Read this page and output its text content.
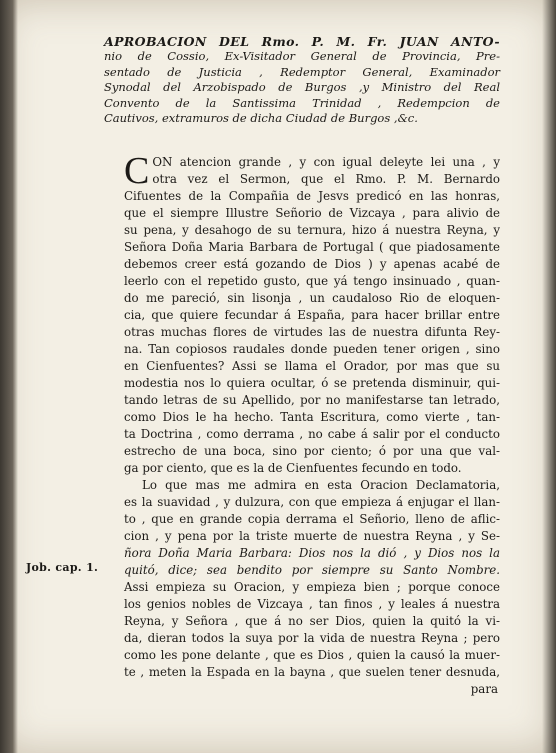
APROBACION DEL Rmo. P. M. Fr. JUAN ANTO-
nio de Cossio, Ex-Visitador General de Provincia, Pre-
sentado de Justicia , Redemptor General, Examinador
Synodal del Arzobispado de Burgos ,y Ministro del Real
Convento de la Santissima Trinidad , Redempcion de
Cautivos, extramuros de dicha Ciudad de Burgos ,&c.
C ON atencion grande , y con igual deleyte lei una , y
otra vez el Sermon, que el Rmo. P. M. Bernardo
Cifuentes de la Compañia de Jesvs predicó en las honras,
que el siempre Illustre Señorio de Vizcaya , para alivio de
su pena, y desahogo de su ternura, hizo á nuestra Reyna, y
Señora Doña Maria Barbara de Portugal ( que piadosamente
debemos creer está gozando de Dios ) y apenas acabé de
leerlo con el repetido gusto, que yá tengo insinuado , quan-
do me pareció, sin lisonja , un caudaloso Rio de eloquen-
cia, que quiere fecundar á España, para hacer brillar entre
otras muchas flores de virtudes las de nuestra difunta Rey-
na. Tan copiosos raudales donde pueden tener origen , sino
en Cienfuentes? Assi se llama el Orador, por mas que su
modestia nos lo quiera ocultar, ó se pretenda disminuir, qui-
tando letras de su Apellido, por no manifestarse tan letrado,
como Dios le ha hecho. Tanta Escritura, como vierte , tan-
ta Doctrina , como derrama , no cabe á salir por el conducto
estrecho de una boca, sino por ciento; ó por una que val-
ga por ciento, que es la de Cienfuentes fecundo en todo.
Lo que mas me admira en esta Oracion Declamatoria,
es la suavidad , y dulzura, con que empieza á enjugar el llan-
to , que en grande copia derrama el Señorio, lleno de aflic-
cion , y pena por la triste muerte de nuestra Reyna , y Se-
ñora Doña Maria Barbara: Dios nos la dió , y Dios nos la
quitó, dice; sea bendito por siempre su Santo Nombre.
Assi empieza su Oracion, y empieza bien ; porque conoce
los genios nobles de Vizcaya , tan finos , y leales á nuestra
Reyna, y Señora , que á no ser Dios, quien la quitó la vi-
da, dieran todos la suya por la vida de nuestra Reyna ; pero
como les pone delante , que es Dios , quien la causó la muer-
te , meten la Espada en la bayna , que suelen tener desnuda,
Job. cap. 1.
para
